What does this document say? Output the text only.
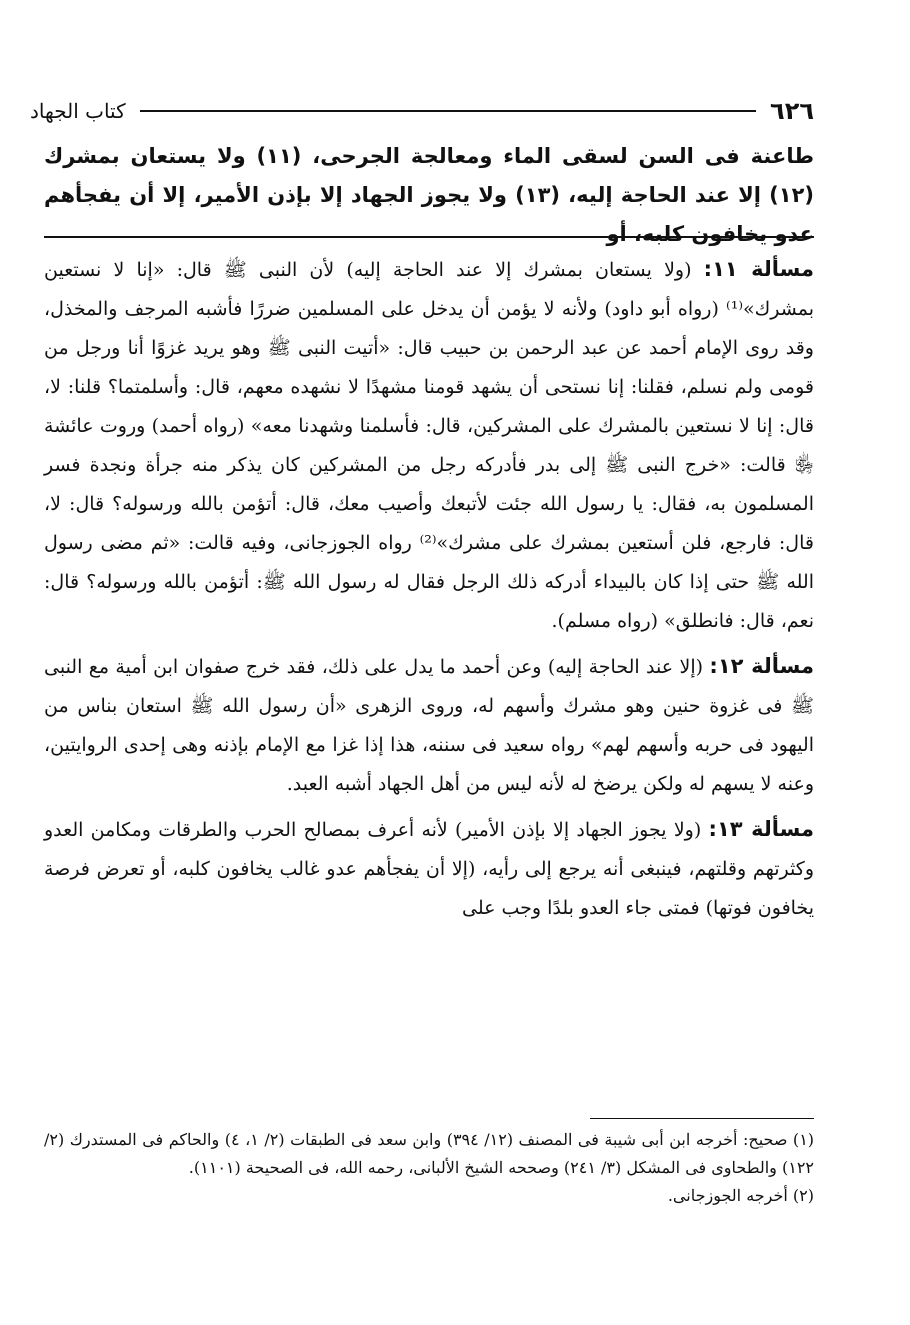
كتاب الجهاد	٦٢٦
طاعنة فى السن لسقى الماء ومعالجة الجرحى، (١١) ولا يستعان بمشرك (١٢) إلا عند الحاجة إليه، (١٣) ولا يجوز الجهاد إلا بإذن الأمير، إلا أن يفجأهم عدو يخافون كلبه، أو

مسألة ١١: (ولا يستعان بمشرك إلا عند الحاجة إليه) لأن النبى ﷺ قال: «إنا لا نستعين بمشرك»⁽¹⁾ (رواه أبو داود) ولأنه لا يؤمن أن يدخل على المسلمين ضررًا فأشبه المرجف والمخذل، وقد روى الإمام أحمد عن عبد الرحمن بن حبيب قال: «أتيت النبى ﷺ وهو يريد غزوًا أنا ورجل من قومى ولم نسلم، فقلنا: إنا نستحى أن يشهد قومنا مشهدًا لا نشهده معهم، قال: وأسلمتما؟ قلنا: لا، قال: إنا لا نستعين بالمشرك على المشركين، قال: فأسلمنا وشهدنا معه» (رواه أحمد) وروت عائشة ﵂ قالت: «خرج النبى ﷺ إلى بدر فأدركه رجل من المشركين كان يذكر منه جرأة ونجدة فسر المسلمون به، فقال: يا رسول الله جئت لأتبعك وأصيب معك، قال: أتؤمن بالله ورسوله؟ قال: لا، قال: فارجع، فلن أستعين بمشرك على مشرك»⁽²⁾ رواه الجوزجانى، وفيه قالت: «ثم مضى رسول الله ﷺ حتى إذا كان بالبيداء أدركه ذلك الرجل فقال له رسول الله ﷺ: أتؤمن بالله ورسوله؟ قال: نعم، قال: فانطلق» (رواه مسلم).

مسألة ١٢: (إلا عند الحاجة إليه) وعن أحمد ما يدل على ذلك، فقد خرج صفوان ابن أمية مع النبى ﷺ فى غزوة حنين وهو مشرك وأسهم له، وروى الزهرى «أن رسول الله ﷺ استعان بناس من اليهود فى حربه وأسهم لهم» رواه سعيد فى سننه، هذا إذا غزا مع الإمام بإذنه وهى إحدى الروايتين، وعنه لا يسهم له ولكن يرضخ له لأنه ليس من أهل الجهاد أشبه العبد.

مسألة ١٣: (ولا يجوز الجهاد إلا بإذن الأمير) لأنه أعرف بمصالح الحرب والطرقات ومكامن العدو وكثرتهم وقلتهم، فينبغى أنه يرجع إلى رأيه، (إلا أن يفجأهم عدو غالب يخافون كلبه، أو تعرض فرصة يخافون فوتها) فمتى جاء العدو بلدًا وجب على

(١) صحيح: أخرجه ابن أبى شيبة فى المصنف (١٢/ ٣٩٤) وابن سعد فى الطبقات (٢/ ١، ٤) والحاكم فى المستدرك (٢/ ١٢٢) والطحاوى فى المشكل (٣/ ٢٤١) وصححه الشيخ الألبانى، رحمه الله، فى الصحيحة (١١٠١).

(٢) أخرجه الجوزجانى.
